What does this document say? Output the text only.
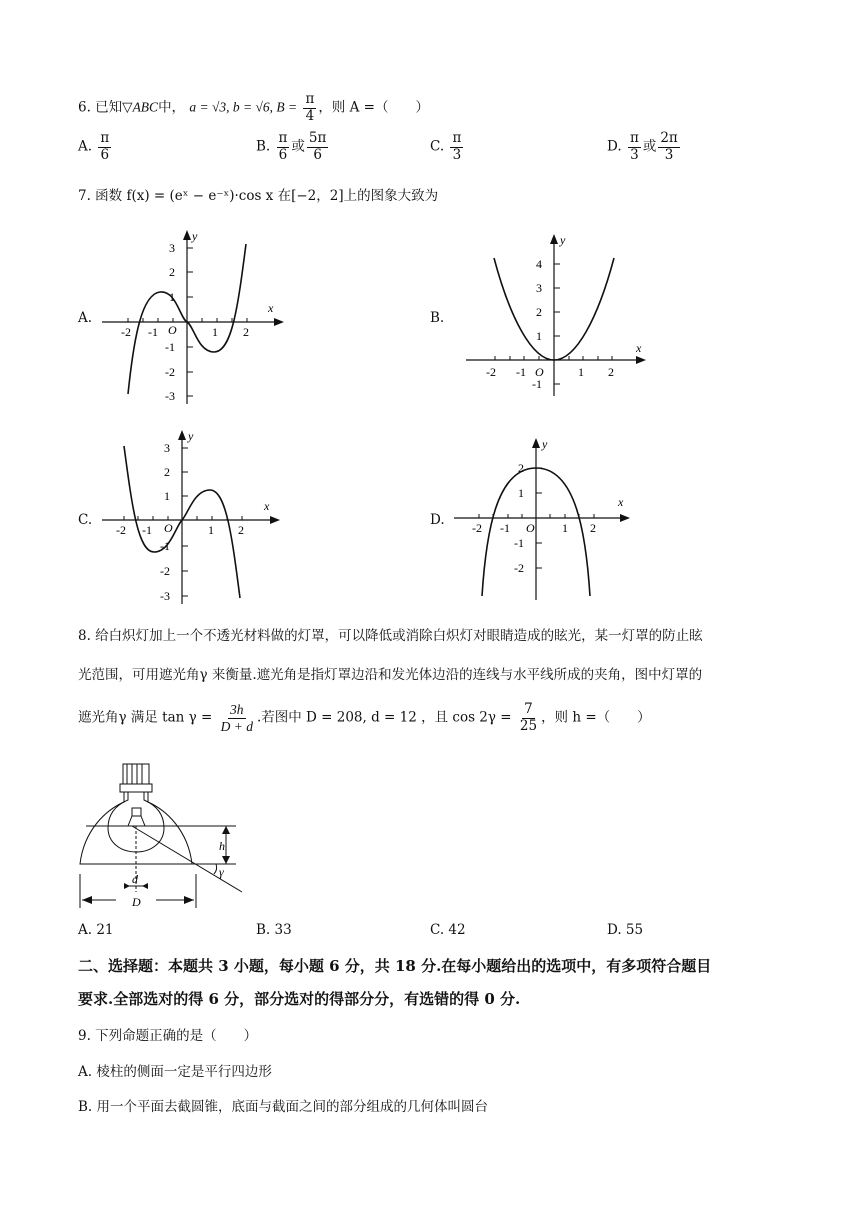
6. 已知▽ABC中， a = √3, b = √6, $B = \frac{\pi}{4}$ ，则 A =（　　）
A. $\frac{\pi}{6}$	B. $\frac{\pi}{6}$ 或 $\frac{5\pi}{6}$	C. $\frac{\pi}{3}$	D. $\frac{\pi}{3}$ 或 $\frac{2\pi}{3}$
7. 函数 f(x) = (eˣ − e⁻ˣ)·cos x 在[−2，2]上的图象大致为
A.
x
y
O
3
2
1
-1
-2
-3
-2 -1	1 2
B.
x
y
O
4
3
2
1
-1
-2 -1	1 2
C.
x
y
O
3
2
1
-1
-2
-3
-2 -1	1 2
D.
x
y
O
2
1
-1
-2
-2 -1	1 2
8. 给白炽灯加上一个不透光材料做的灯罩，可以降低或消除白炽灯对眼睛造成的眩光，某一灯罩的防止眩
光范围，可用遮光角γ 来衡量.遮光角是指灯罩边沿和发光体边沿的连线与水平线所成的夹角，图中灯罩的
遮光角γ 满足 $\tan \gamma = \frac{3h}{D + d}$ .若图中 D = 208, d = 12 ，且 $\cos 2\gamma = \frac{7}{25}$ ，则 h =（　　）
h
γ
d
D
A. 21	B. 33	C. 42	D. 55
二、选择题：本题共 3 小题，每小题 6 分，共 18 分.在每小题给出的选项中，有多项符合题目
要求.全部选对的得 6 分，部分选对的得部分分，有选错的得 0 分.
9. 下列命题正确的是（　　）
A. 棱柱的侧面一定是平行四边形
B. 用一个平面去截圆锥，底面与截面之间的部分组成的几何体叫圆台
